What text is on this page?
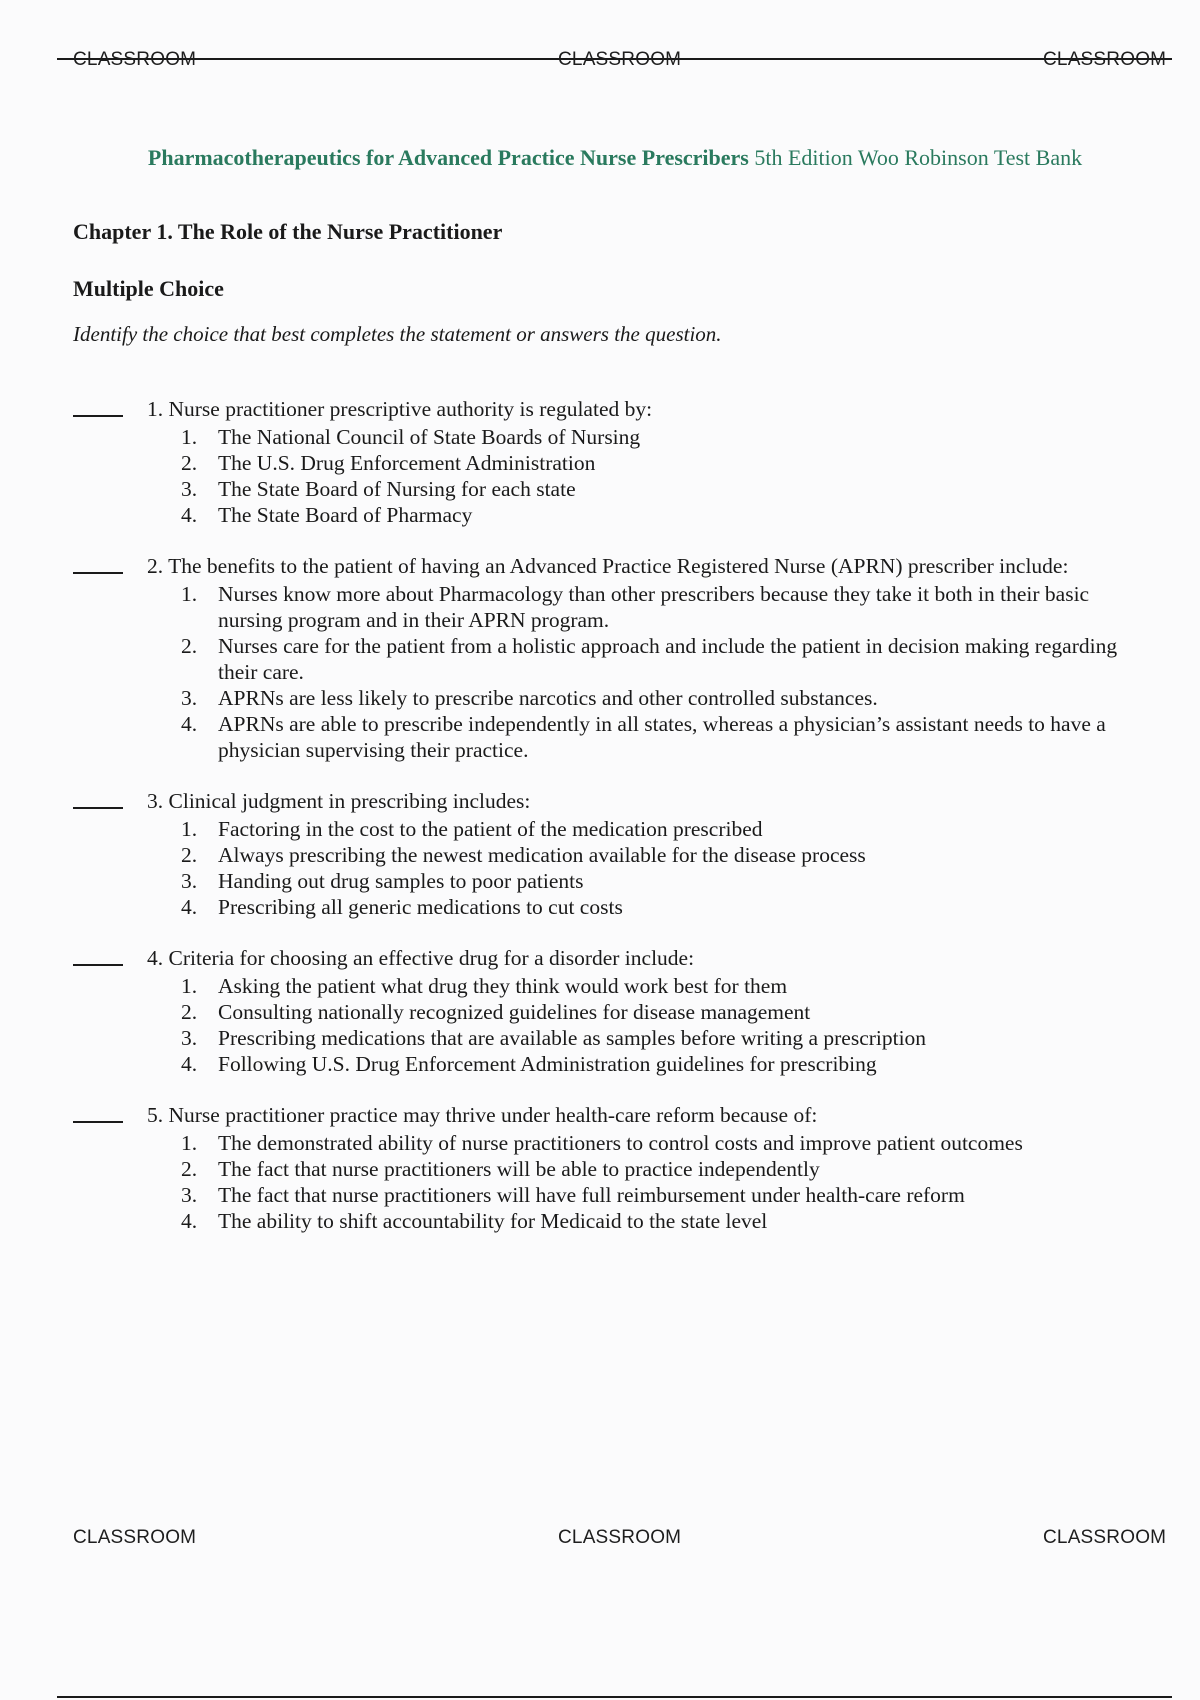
CLASSROOM	CLASSROOM	CLASSROOM
Pharmacotherapeutics for Advanced Practice Nurse Prescribers 5th Edition Woo Robinson Test Bank
Chapter 1. The Role of the Nurse Practitioner
Multiple Choice
Identify the choice that best completes the statement or answers the question.
1. Nurse practitioner prescriptive authority is regulated by:
1. The National Council of State Boards of Nursing
2. The U.S. Drug Enforcement Administration
3. The State Board of Nursing for each state
4. The State Board of Pharmacy
2. The benefits to the patient of having an Advanced Practice Registered Nurse (APRN) prescriber include:
1. Nurses know more about Pharmacology than other prescribers because they take it both in their basic nursing program and in their APRN program.
2. Nurses care for the patient from a holistic approach and include the patient in decision making regarding their care.
3. APRNs are less likely to prescribe narcotics and other controlled substances.
4. APRNs are able to prescribe independently in all states, whereas a physician’s assistant needs to have a physician supervising their practice.
3. Clinical judgment in prescribing includes:
1. Factoring in the cost to the patient of the medication prescribed
2. Always prescribing the newest medication available for the disease process
3. Handing out drug samples to poor patients
4. Prescribing all generic medications to cut costs
4. Criteria for choosing an effective drug for a disorder include:
1. Asking the patient what drug they think would work best for them
2. Consulting nationally recognized guidelines for disease management
3. Prescribing medications that are available as samples before writing a prescription
4. Following U.S. Drug Enforcement Administration guidelines for prescribing
5. Nurse practitioner practice may thrive under health-care reform because of:
1. The demonstrated ability of nurse practitioners to control costs and improve patient outcomes
2. The fact that nurse practitioners will be able to practice independently
3. The fact that nurse practitioners will have full reimbursement under health-care reform
4. The ability to shift accountability for Medicaid to the state level
CLASSROOM	CLASSROOM	CLASSROOM
